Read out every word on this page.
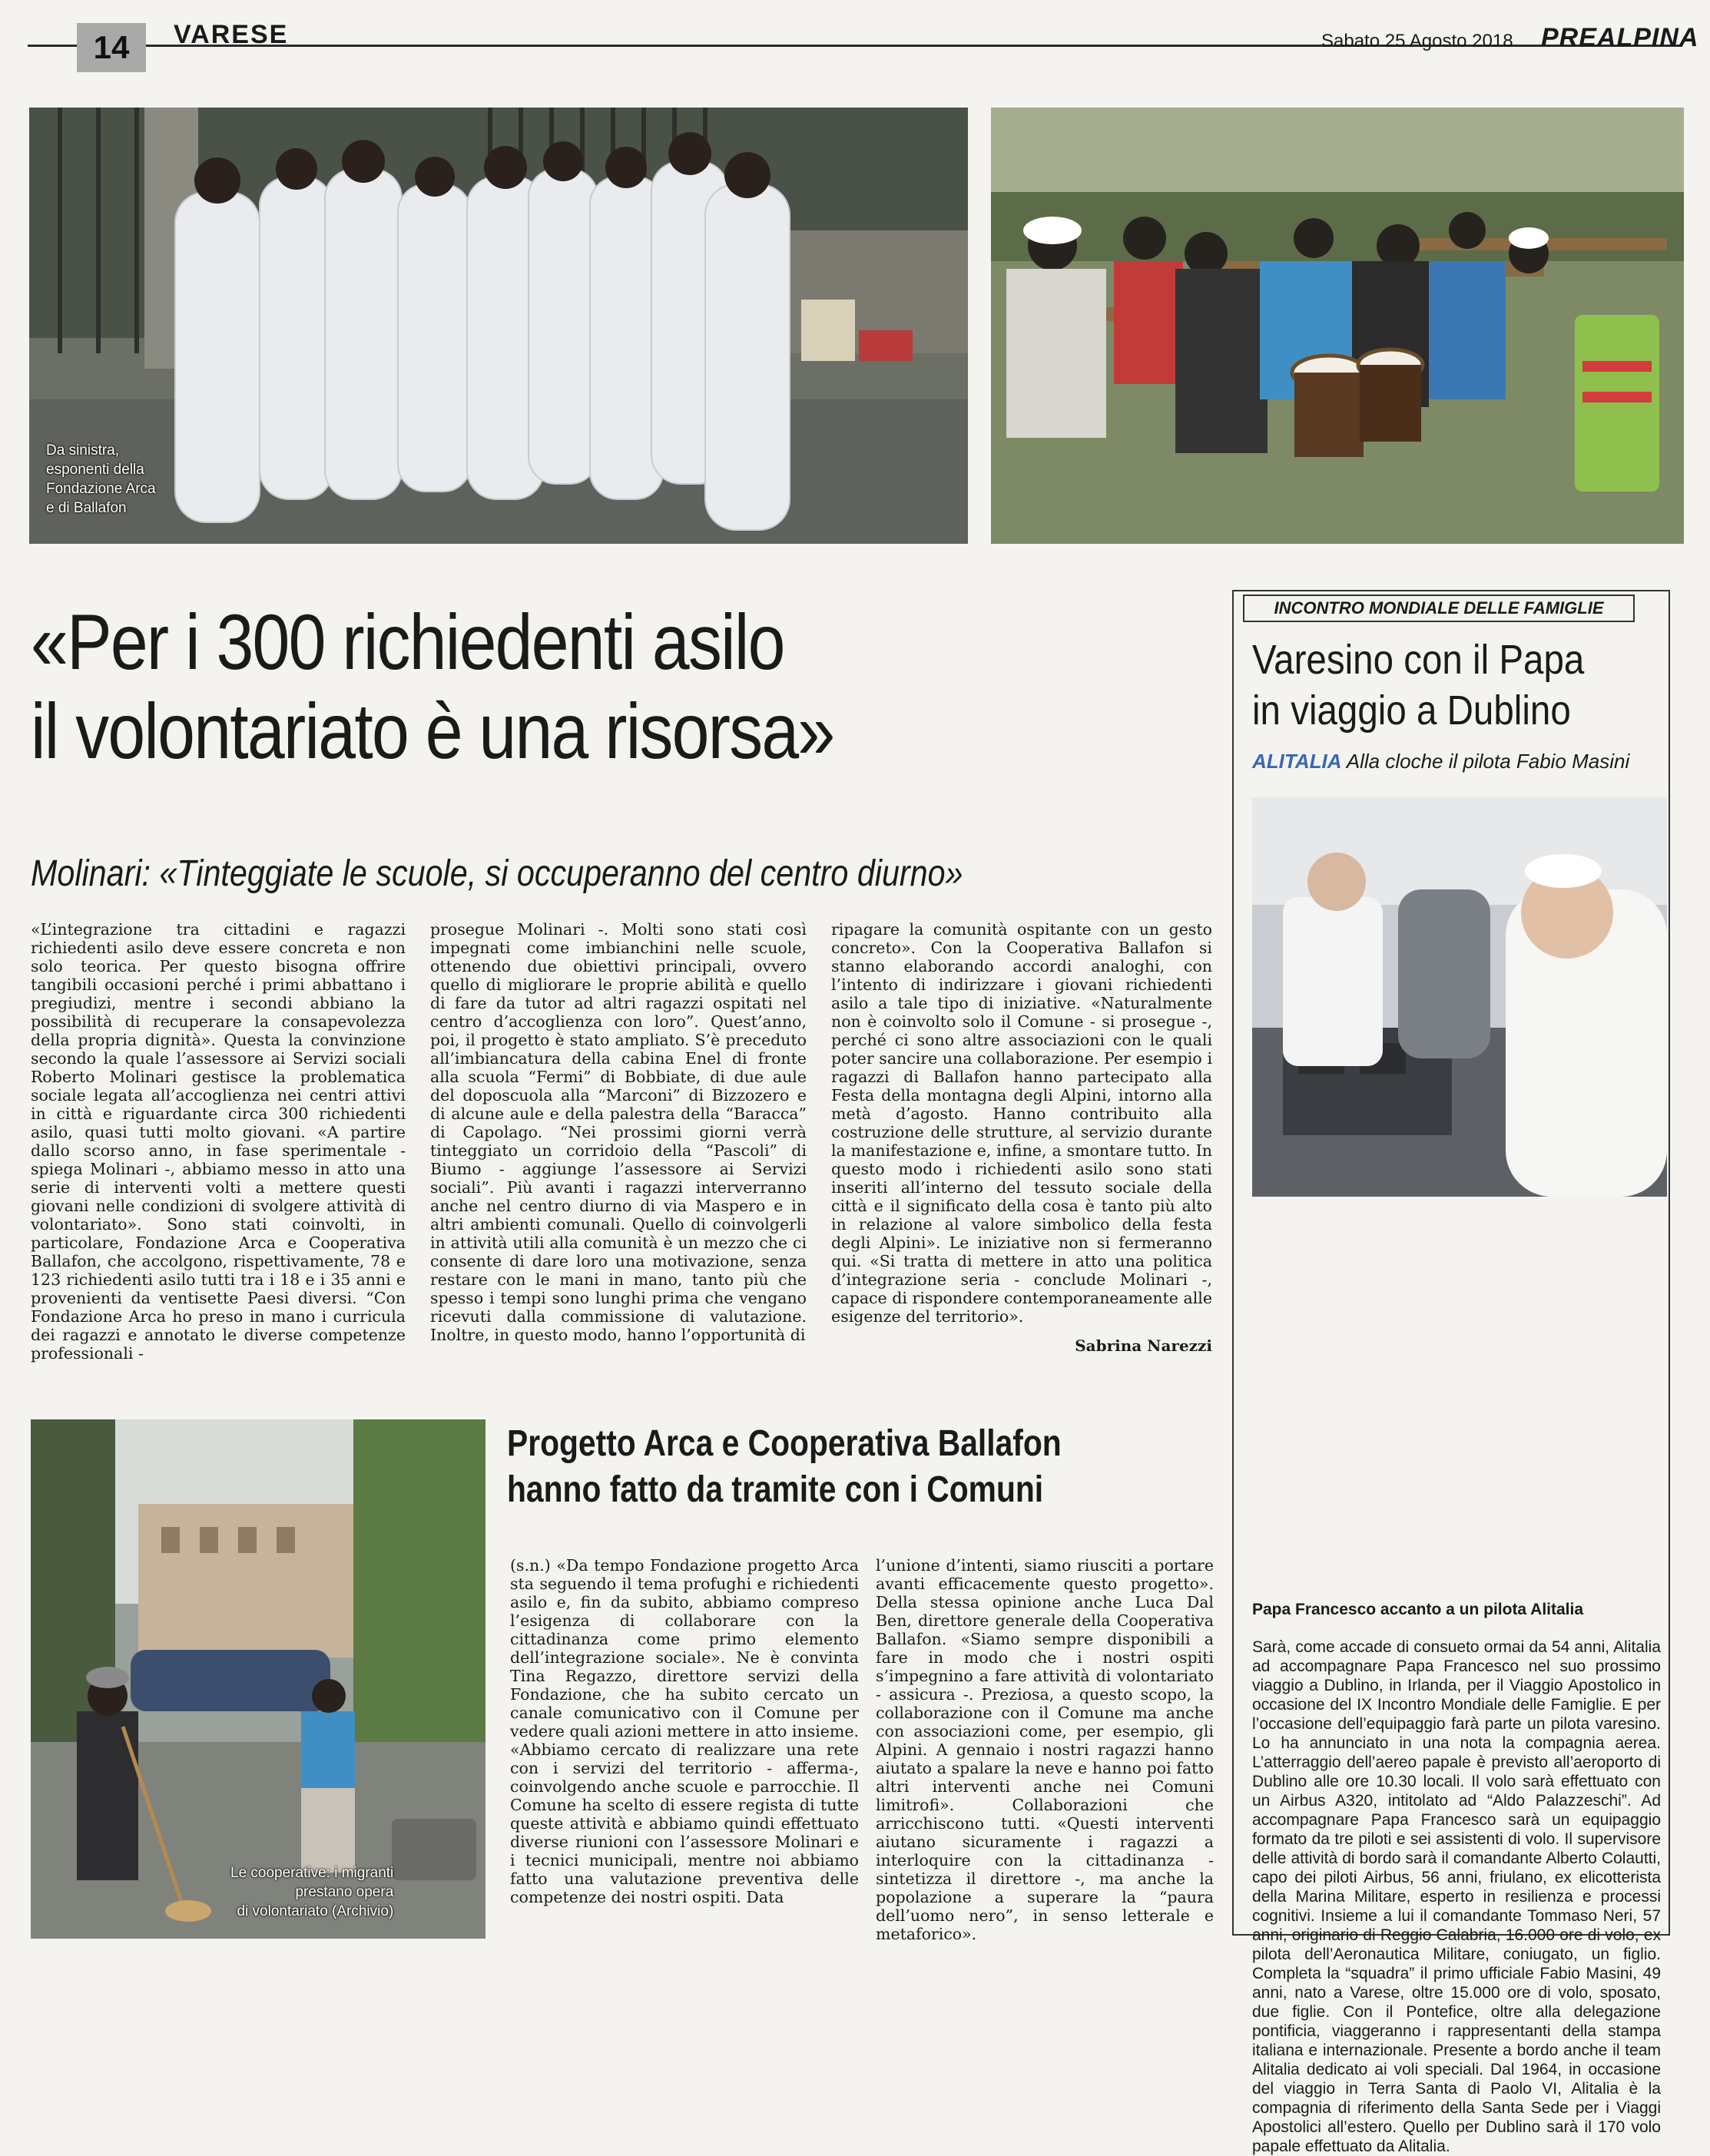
14	VARESE	Sabato 25 Agosto 2018 PREALPINA
Da sinistra,
esponenti della
Fondazione Arca
e di Ballafon
«Per i 300 richiedenti asilo
il volontariato è una risorsa»
Molinari: «Tinteggiate le scuole, si occuperanno del centro diurno»

«L’integrazione tra cittadini e ragazzi richiedenti asilo deve essere concreta e non solo teorica. Per questo bisogna offrire tangibili occasioni perché i primi abbattano i pregiudizi, mentre i secondi abbiano la possibilità di recuperare la consapevolezza della propria dignità». Questa la convinzione secondo la quale l’assessore ai Servizi sociali Roberto Molinari gestisce la problematica sociale legata all’accoglienza nei centri attivi in città e riguardante circa 300 richiedenti asilo, quasi tutti molto giovani. «A partire dallo scorso anno, in fase sperimentale - spiega Molinari -, abbiamo messo in atto una serie di interventi volti a mettere questi giovani nelle condizioni di svolgere attività di volontariato». Sono stati coinvolti, in particolare, Fondazione Arca e Cooperativa Ballafon, che accolgono, rispettivamente, 78 e 123 richiedenti asilo tutti tra i 18 e i 35 anni e provenienti da ventisette Paesi diversi. “Con Fondazione Arca ho preso in mano i curricula dei ragazzi e annotato le diverse competenze professionali -

prosegue Molinari -. Molti sono stati così impegnati come imbianchini nelle scuole, ottenendo due obiettivi principali, ovvero quello di migliorare le proprie abilità e quello di fare da tutor ad altri ragazzi ospitati nel centro d’accoglienza con loro”. Quest’anno, poi, il progetto è stato ampliato. S’è preceduto all’imbiancatura della cabina Enel di fronte alla scuola “Fermi” di Bobbiate, di due aule del doposcuola alla “Marconi” di Bizzozero e di alcune aule e della palestra della “Baracca” di Capolago. “Nei prossimi giorni verrà tinteggiato un corridoio della “Pascoli” di Biumo - aggiunge l’assessore ai Servizi sociali”. Più avanti i ragazzi interverranno anche nel centro diurno di via Maspero e in altri ambienti comunali. Quello di coinvolgerli in attività utili alla comunità è un mezzo che ci consente di dare loro una motivazione, senza restare con le mani in mano, tanto più che spesso i tempi sono lunghi prima che vengano ricevuti dalla commissione di valutazione. Inoltre, in questo modo, hanno l’opportunità di

ripagare la comunità ospitante con un gesto concreto». Con la Cooperativa Ballafon si stanno elaborando accordi analoghi, con l’intento di indirizzare i giovani richiedenti asilo a tale tipo di iniziative. «Naturalmente non è coinvolto solo il Comune - si prosegue -, perché ci sono altre associazioni con le quali poter sancire una collaborazione. Per esempio i ragazzi di Ballafon hanno partecipato alla Festa della montagna degli Alpini, intorno alla metà d’agosto. Hanno contribuito alla costruzione delle strutture, al servizio durante la manifestazione e, infine, a smontare tutto. In questo modo i richiedenti asilo sono stati inseriti all’interno del tessuto sociale della città e il significato della cosa è tanto più alto in relazione al valore simbolico della festa degli Alpini». Le iniziative non si fermeranno qui. «Si tratta di mettere in atto una politica d’integrazione seria - conclude Molinari -, capace di rispondere contemporaneamente alle esigenze del territorio».

Sabrina Narezzi
Le cooperative: i migranti
prestano opera
di volontariato (Archivio)
Progetto Arca e Cooperativa Ballafon
hanno fatto da tramite con i Comuni

(s.n.) «Da tempo Fondazione progetto Arca sta seguendo il tema profughi e richiedenti asilo e, fin da subito, abbiamo compreso l’esigenza di collaborare con la cittadinanza come primo elemento dell’integrazione sociale». Ne è convinta Tina Regazzo, direttore servizi della Fondazione, che ha subito cercato un canale comunicativo con il Comune per vedere quali azioni mettere in atto insieme. «Abbiamo cercato di realizzare una rete con i servizi del territorio - afferma-, coinvolgendo anche scuole e parrocchie. Il Comune ha scelto di essere regista di tutte queste attività e abbiamo quindi effettuato diverse riunioni con l’assessore Molinari e i tecnici municipali, mentre noi abbiamo fatto una valutazione preventiva delle competenze dei nostri ospiti. Data

l’unione d’intenti, siamo riusciti a portare avanti efficacemente questo progetto». Della stessa opinione anche Luca Dal Ben, direttore generale della Cooperativa Ballafon. «Siamo sempre disponibili a fare in modo che i nostri ospiti s’impegnino a fare attività di volontariato - assicura -. Preziosa, a questo scopo, la collaborazione con il Comune ma anche con associazioni come, per esempio, gli Alpini. A gennaio i nostri ragazzi hanno aiutato a spalare la neve e hanno poi fatto altri interventi anche nei Comuni limitrofi». Collaborazioni che arricchiscono tutti. «Questi interventi aiutano sicuramente i ragazzi a interloquire con la cittadinanza - sintetizza il direttore -, ma anche la popolazione a superare la “paura dell’uomo nero”, in senso letterale e metaforico».

INCONTRO MONDIALE DELLE FAMIGLIE
Varesino con il Papa
in viaggio a Dublino
ALITALIA Alla cloche il pilota Fabio Masini
Papa Francesco accanto a un pilota Alitalia
Sarà, come accade di consueto ormai da 54 anni, Alitalia ad accompagnare Papa Francesco nel suo prossimo viaggio a Dublino, in Irlanda, per il Viaggio Apostolico in occasione del IX Incontro Mondiale delle Famiglie. E per l’occasione dell’equipaggio farà parte un pilota varesino. Lo ha annunciato in una nota la compagnia aerea. L’atterraggio dell’aereo papale è previsto all’aeroporto di Dublino alle ore 10.30 locali. Il volo sarà effettuato con un Airbus A320, intitolato ad “Aldo Palazzeschi”. Ad accompagnare Papa Francesco sarà un equipaggio formato da tre piloti e sei assistenti di volo. Il supervisore delle attività di bordo sarà il comandante Alberto Colautti, capo dei piloti Airbus, 56 anni, friulano, ex elicotterista della Marina Militare, esperto in resilienza e processi cognitivi. Insieme a lui il comandante Tommaso Neri, 57 anni, originario di Reggio Calabria, 16.000 ore di volo, ex pilota dell’Aeronautica Militare, coniugato, un figlio. Completa la “squadra” il primo ufficiale Fabio Masini, 49 anni, nato a Varese, oltre 15.000 ore di volo, sposato, due figlie. Con il Pontefice, oltre alla delegazione pontificia, viaggeranno i rappresentanti della stampa italiana e internazionale. Presente a bordo anche il team Alitalia dedicato ai voli speciali. Dal 1964, in occasione del viaggio in Terra Santa di Paolo VI, Alitalia è la compagnia di riferimento della Santa Sede per i Viaggi Apostolici all’estero. Quello per Dublino sarà il 170 volo papale effettuato da Alitalia.
